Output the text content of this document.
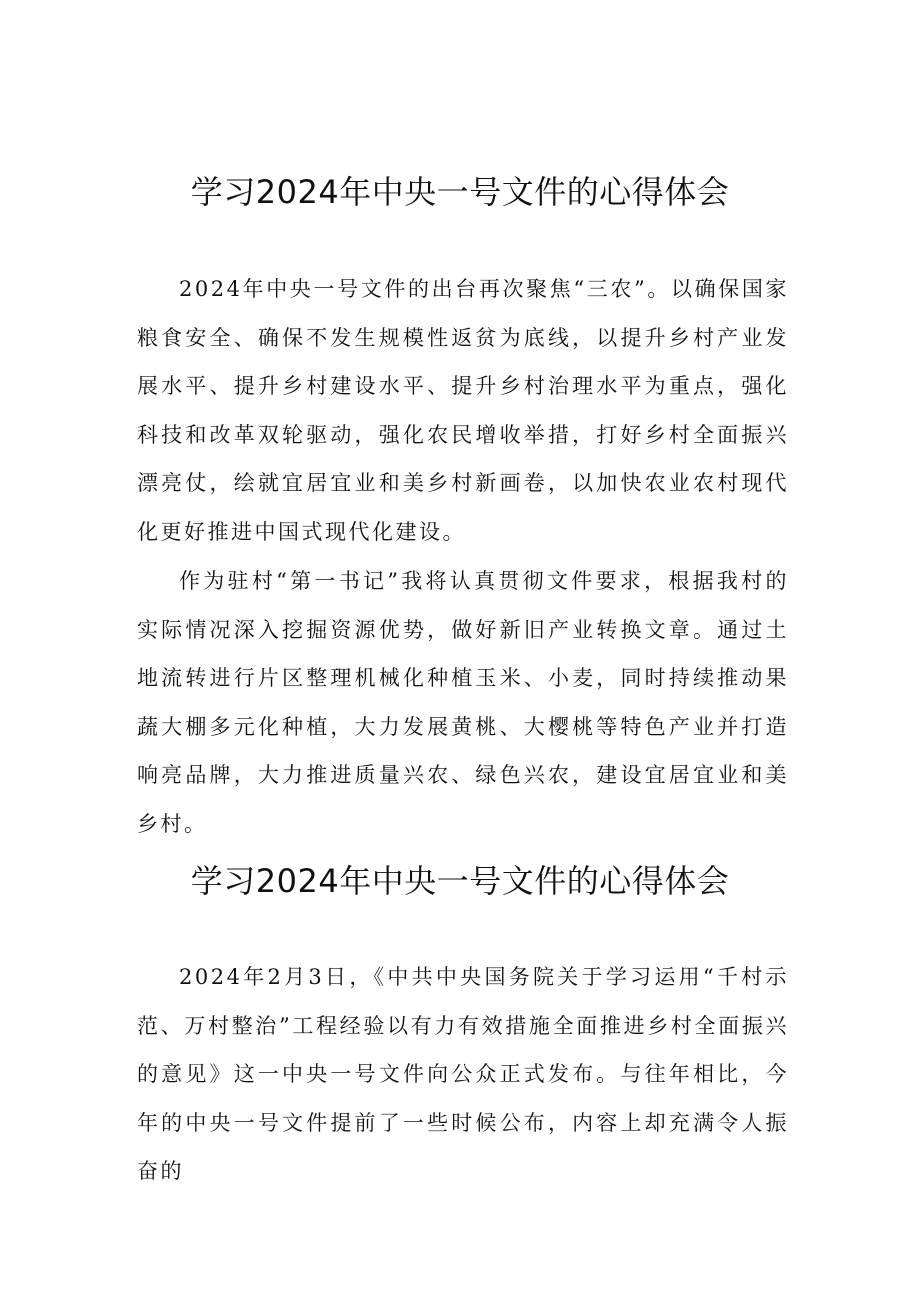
学习2024年中央一号文件的心得体会

2024年中央一号文件的出台再次聚焦“三农”。以确保国家粮食安全、确保不发生规模性返贫为底线，以提升乡村产业发展水平、提升乡村建设水平、提升乡村治理水平为重点，强化科技和改革双轮驱动，强化农民增收举措，打好乡村全面振兴漂亮仗，绘就宜居宜业和美乡村新画卷，以加快农业农村现代化更好推进中国式现代化建设。

作为驻村“第一书记”我将认真贯彻文件要求，根据我村的实际情况深入挖掘资源优势，做好新旧产业转换文章。通过土地流转进行片区整理机械化种植玉米、小麦，同时持续推动果蔬大棚多元化种植，大力发展黄桃、大樱桃等特色产业并打造响亮品牌，大力推进质量兴农、绿色兴农，建设宜居宜业和美乡村。

学习2024年中央一号文件的心得体会

2024年2月3日，《中共中央国务院关于学习运用“千村示范、万村整治”工程经验以有力有效措施全面推进乡村全面振兴的意见》这一中央一号文件向公众正式发布。与往年相比，今年的中央一号文件提前了一些时候公布，内容上却充满令人振奋的
